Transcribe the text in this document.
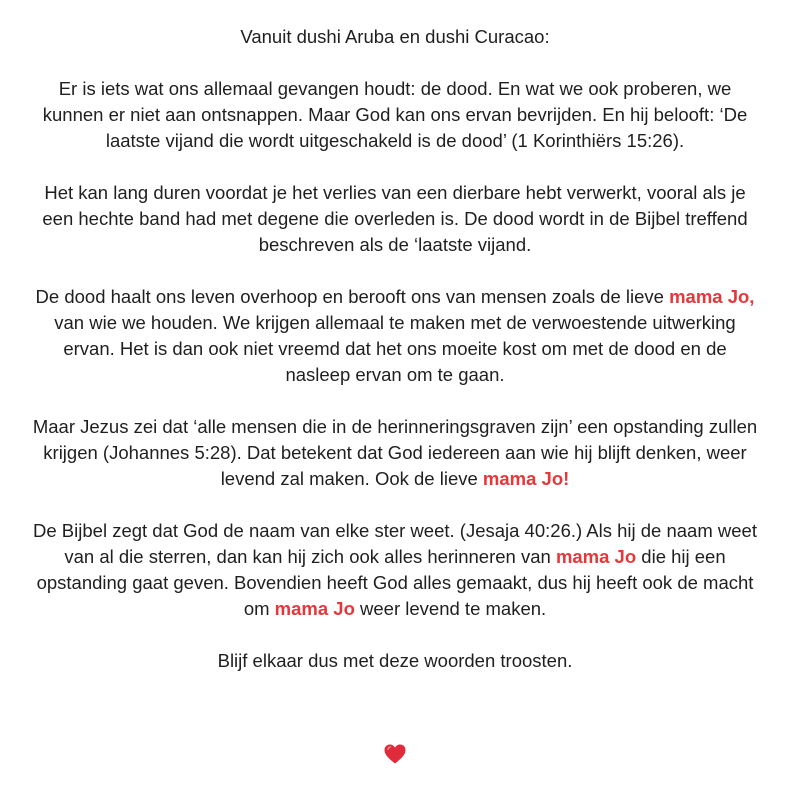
Vanuit dushi Aruba en dushi Curacao:

Er is iets wat ons allemaal gevangen houdt: de dood. En wat we ook proberen, we kunnen er niet aan ontsnappen. Maar God kan ons ervan bevrijden. En hij belooft: ‘De laatste vijand die wordt uitgeschakeld is de dood’ (1 Korinthiërs 15:26).

Het kan lang duren voordat je het verlies van een dierbare hebt verwerkt, vooral als je een hechte band had met degene die overleden is. De dood wordt in de Bijbel treffend beschreven als de ‘laatste vijand.

De dood haalt ons leven overhoop en berooft ons van mensen zoals de lieve mama Jo, van wie we houden. We krijgen allemaal te maken met de verwoestende uitwerking ervan. Het is dan ook niet vreemd dat het ons moeite kost om met de dood en de nasleep ervan om te gaan.

Maar Jezus zei dat ‘alle mensen die in de herinneringsgraven zijn’ een opstanding zullen krijgen (Johannes 5:28). Dat betekent dat God iedereen aan wie hij blijft denken, weer levend zal maken. Ook de lieve mama Jo!

De Bijbel zegt dat God de naam van elke ster weet. (Jesaja 40:26.) Als hij de naam weet van al die sterren, dan kan hij zich ook alles herinneren van mama Jo die hij een opstanding gaat geven. Bovendien heeft God alles gemaakt, dus hij heeft ook de macht om mama Jo weer levend te maken.

Blijf elkaar dus met deze woorden troosten.
